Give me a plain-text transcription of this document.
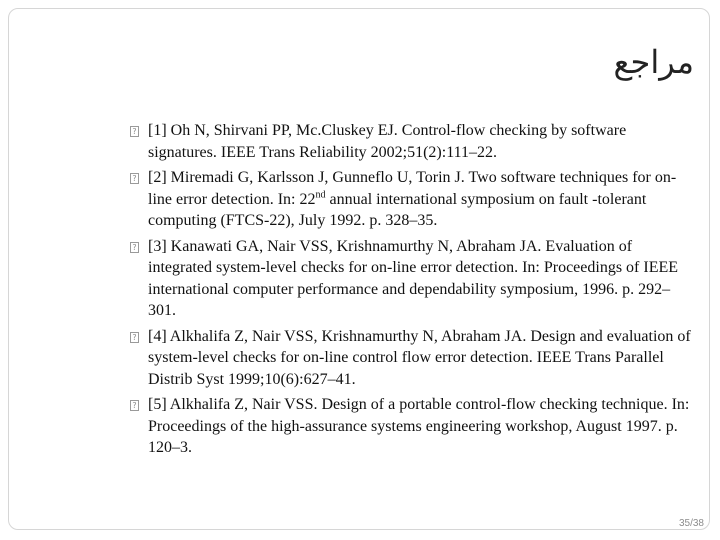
مراجع
? [1] Oh N, Shirvani PP, Mc.Cluskey EJ. Control-flow checking by software signatures. IEEE Trans Reliability 2002;51(2):111–22.
? [2] Miremadi G, Karlsson J, Gunneflo U, Torin J. Two software techniques for on-line error detection. In: 22nd annual international symposium on fault -tolerant computing (FTCS-22), July 1992. p. 328–35.
? [3] Kanawati GA, Nair VSS, Krishnamurthy N, Abraham JA. Evaluation of integrated system-level checks for on-line error detection. In: Proceedings of IEEE international computer performance and dependability symposium, 1996. p. 292–301.
? [4] Alkhalifa Z, Nair VSS, Krishnamurthy N, Abraham JA. Design and evaluation of system-level checks for on-line control flow error detection. IEEE Trans Parallel Distrib Syst 1999;10(6):627–41.
? [5] Alkhalifa Z, Nair VSS. Design of a portable control-flow checking technique. In: Proceedings of the high-assurance systems engineering workshop, August 1997. p. 120–3.
35/38
